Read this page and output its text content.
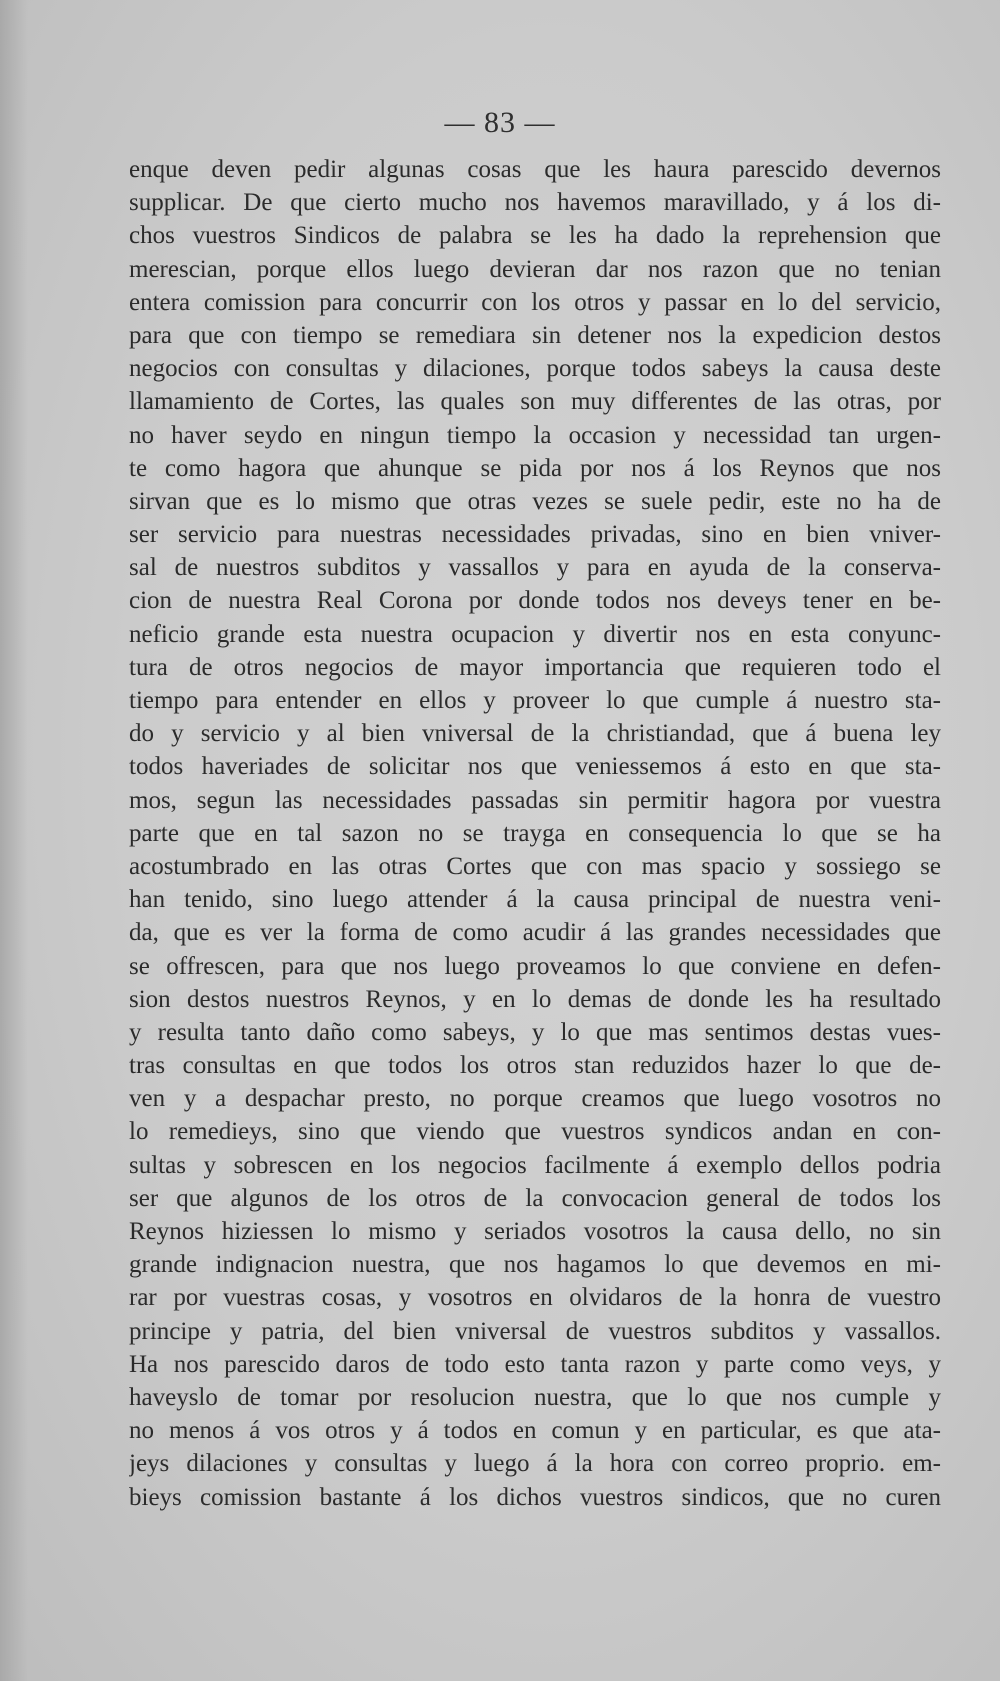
— 83 —
enque deven pedir algunas cosas que les haura parescido devernos
supplicar. De que cierto mucho nos havemos maravillado, y á los di-
chos vuestros Sindicos de palabra se les ha dado la reprehension que
merescian, porque ellos luego devieran dar nos razon que no tenian
entera comission para concurrir con los otros y passar en lo del servicio,
para que con tiempo se remediara sin detener nos la expedicion destos
negocios con consultas y dilaciones, porque todos sabeys la causa deste
llamamiento de Cortes, las quales son muy differentes de las otras, por
no haver seydo en ningun tiempo la occasion y necessidad tan urgen-
te como hagora que ahunque se pida por nos á los Reynos que nos
sirvan que es lo mismo que otras vezes se suele pedir, este no ha de
ser servicio para nuestras necessidades privadas, sino en bien vniver-
sal de nuestros subditos y vassallos y para en ayuda de la conserva-
cion de nuestra Real Corona por donde todos nos deveys tener en be-
neficio grande esta nuestra ocupacion y divertir nos en esta conyunc-
tura de otros negocios de mayor importancia que requieren todo el
tiempo para entender en ellos y proveer lo que cumple á nuestro sta-
do y servicio y al bien vniversal de la christiandad, que á buena ley
todos haveriades de solicitar nos que veniessemos á esto en que sta-
mos, segun las necessidades passadas sin permitir hagora por vuestra
parte que en tal sazon no se trayga en consequencia lo que se ha
acostumbrado en las otras Cortes que con mas spacio y sossiego se
han tenido, sino luego attender á la causa principal de nuestra veni-
da, que es ver la forma de como acudir á las grandes necessidades que
se offrescen, para que nos luego proveamos lo que conviene en defen-
sion destos nuestros Reynos, y en lo demas de donde les ha resultado
y resulta tanto daño como sabeys, y lo que mas sentimos destas vues-
tras consultas en que todos los otros stan reduzidos hazer lo que de-
ven y a despachar presto, no porque creamos que luego vosotros no
lo remedieys, sino que viendo que vuestros syndicos andan en con-
sultas y sobrescen en los negocios facilmente á exemplo dellos podria
ser que algunos de los otros de la convocacion general de todos los
Reynos hiziessen lo mismo y seriados vosotros la causa dello, no sin
grande indignacion nuestra, que nos hagamos lo que devemos en mi-
rar por vuestras cosas, y vosotros en olvidaros de la honra de vuestro
principe y patria, del bien vniversal de vuestros subditos y vassallos.
Ha nos parescido daros de todo esto tanta razon y parte como veys, y
haveyslo de tomar por resolucion nuestra, que lo que nos cumple y
no menos á vos otros y á todos en comun y en particular, es que ata-
jeys dilaciones y consultas y luego á la hora con correo proprio. em-
bieys comission bastante á los dichos vuestros sindicos, que no curen
